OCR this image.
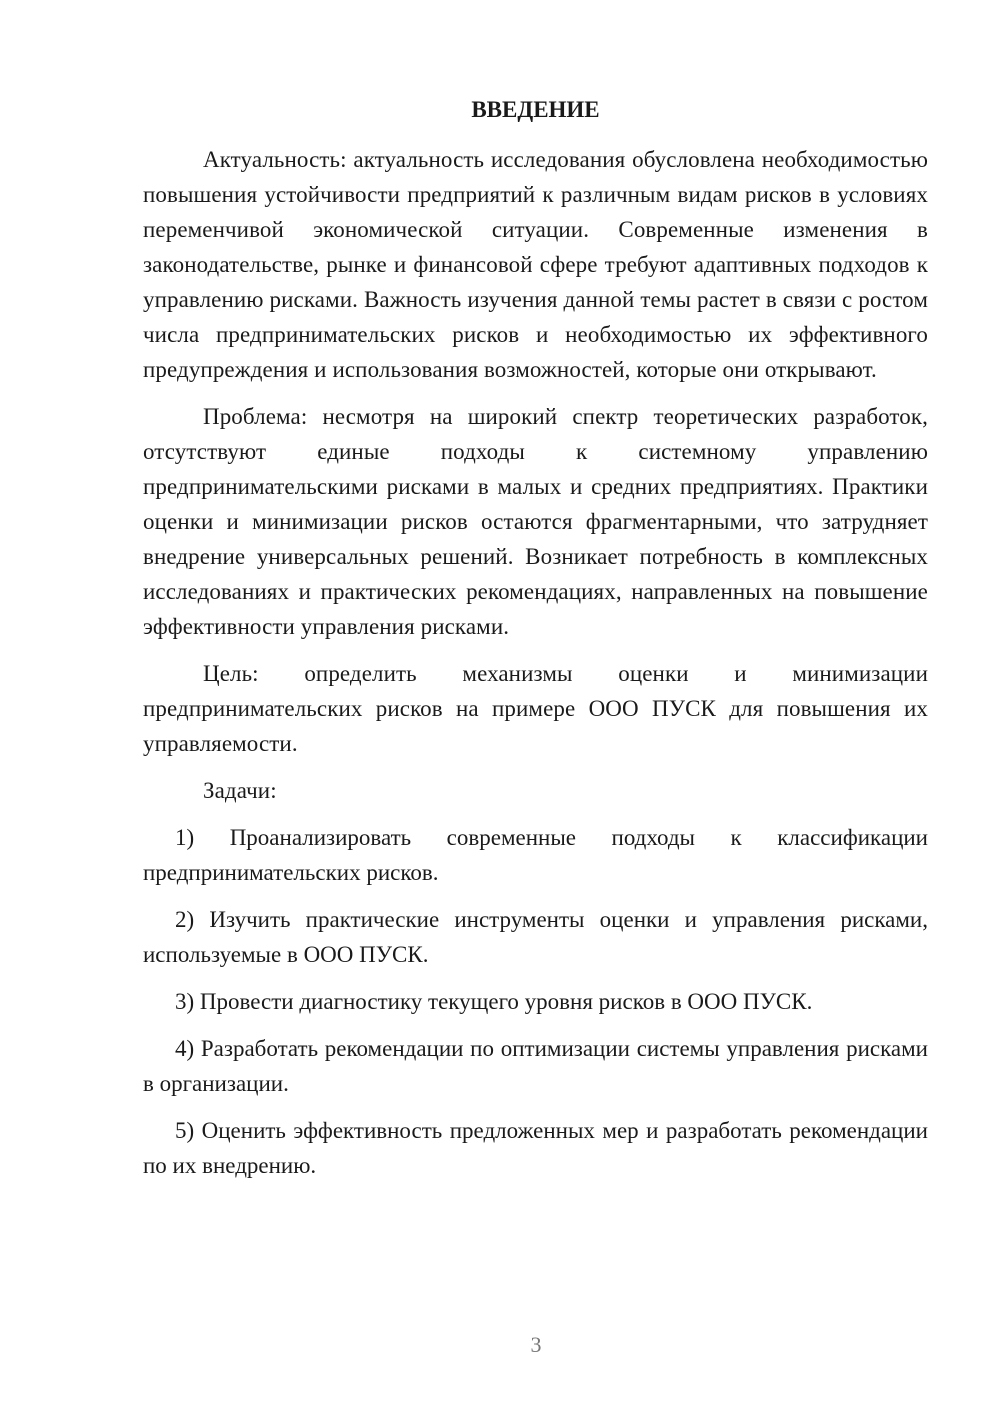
ВВЕДЕНИЕ

Актуальность: актуальность исследования обусловлена необходимостью повышения устойчивости предприятий к различным видам рисков в условиях переменчивой экономической ситуации. Современные изменения в законодательстве, рынке и финансовой сфере требуют адаптивных подходов к управлению рисками. Важность изучения данной темы растет в связи с ростом числа предпринимательских рисков и необходимостью их эффективного предупреждения и использования возможностей, которые они открывают.

Проблема: несмотря на широкий спектр теоретических разработок, отсутствуют единые подходы к системному управлению предпринимательскими рисками в малых и средних предприятиях. Практики оценки и минимизации рисков остаются фрагментарными, что затрудняет внедрение универсальных решений. Возникает потребность в комплексных исследованиях и практических рекомендациях, направленных на повышение эффективности управления рисками.

Цель: определить механизмы оценки и минимизации предпринимательских рисков на примере ООО ПУСК для повышения их управляемости.

Задачи:

1) Проанализировать современные подходы к классификации предпринимательских рисков.

2) Изучить практические инструменты оценки и управления рисками, используемые в ООО ПУСК.

3) Провести диагностику текущего уровня рисков в ООО ПУСК.

4) Разработать рекомендации по оптимизации системы управления рисками в организации.

5) Оценить эффективность предложенных мер и разработать рекомендации по их внедрению.

3
